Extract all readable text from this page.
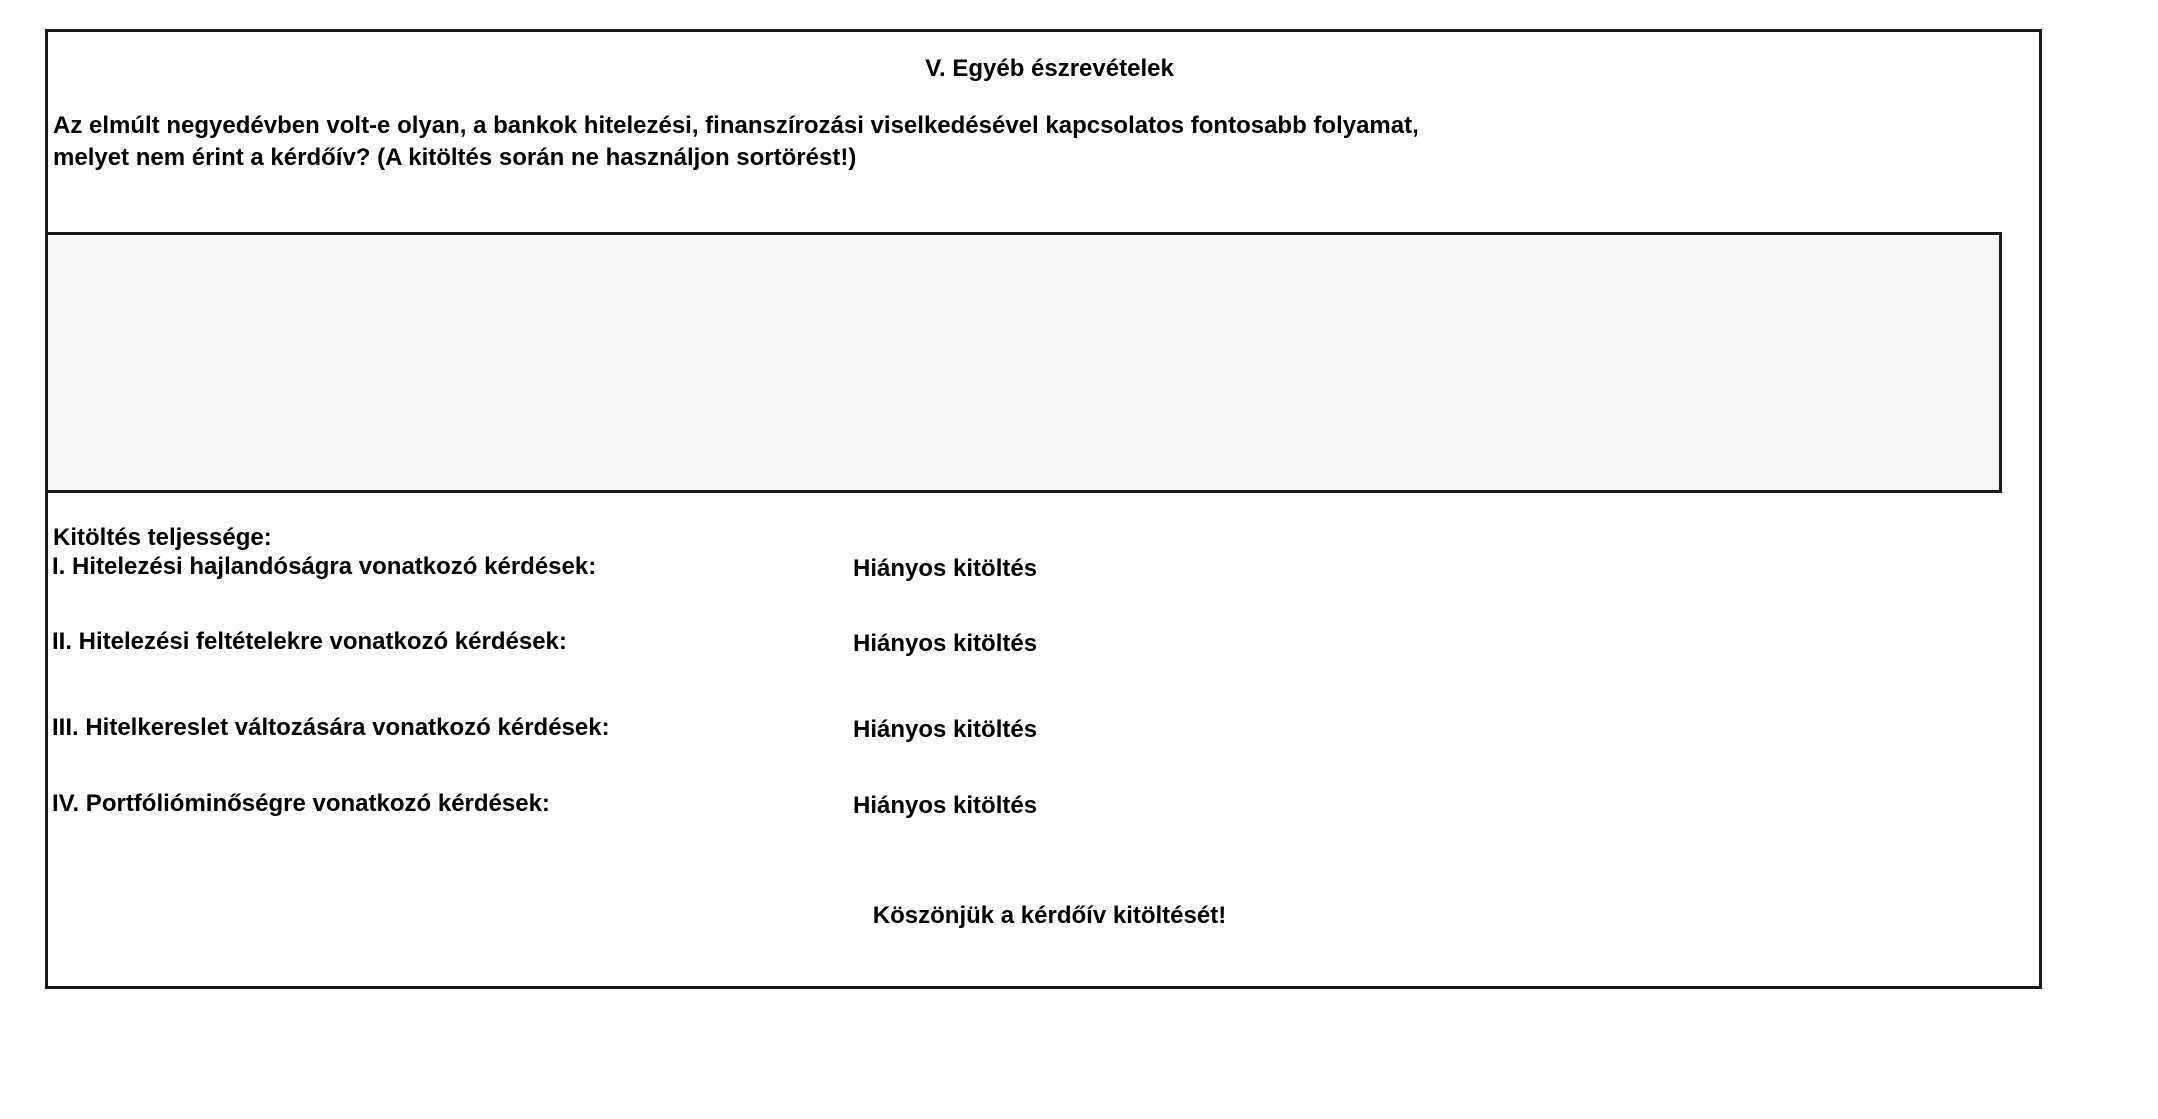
V. Egyéb észrevételek
Az elmúlt negyedévben volt-e olyan, a bankok hitelezési, finanszírozási viselkedésével kapcsolatos fontosabb folyamat,
melyet nem érint a kérdőív? (A kitöltés során ne használjon sortörést!)
Kitöltés teljessége:
I. Hitelezési hajlandóságra vonatkozó kérdések:	Hiányos kitöltés
II. Hitelezési feltételekre vonatkozó kérdések:	Hiányos kitöltés
III. Hitelkereslet változására vonatkozó kérdések:	Hiányos kitöltés
IV. Portfólióminőségre vonatkozó kérdések:	Hiányos kitöltés
Köszönjük a kérdőív kitöltését!
